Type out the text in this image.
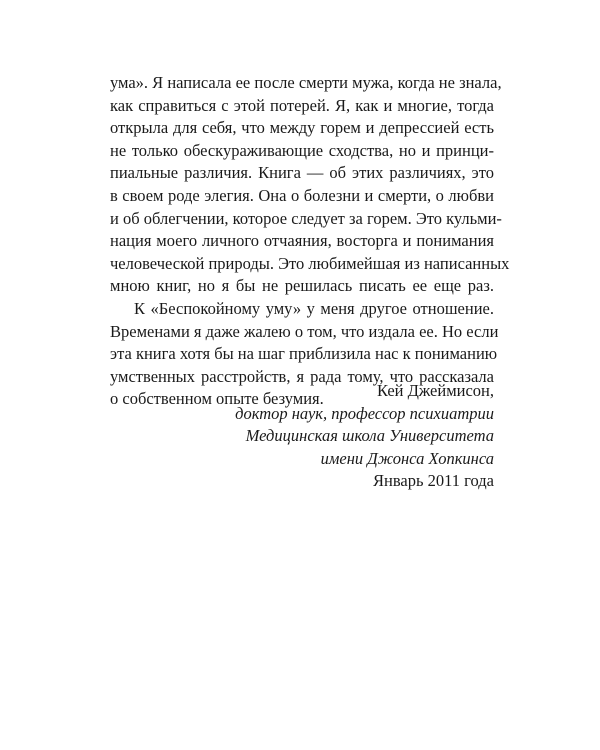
ума». Я написала ее после смерти мужа, когда не знала,
как справиться с этой потерей. Я, как и многие, тогда
открыла для себя, что между горем и депрессией есть
не только обескураживающие сходства, но и принци-
пиальные различия. Книга — об этих различиях, это
в своем роде элегия. Она о болезни и смерти, о любви
и об облегчении, которое следует за горем. Это кульми-
нация моего личного отчаяния, восторга и понимания
человеческой природы. Это любимейшая из написанных
мною книг, но я бы не решилась писать ее еще раз.
К «Беспокойному уму» у меня другое отношение.
Временами я даже жалею о том, что издала ее. Но если
эта книга хотя бы на шаг приблизила нас к пониманию
умственных расстройств, я рада тому, что рассказала
о собственном опыте безумия.	Кей Джеймисон,
доктор наук, профессор психиатрии
Медицинская школа Университета
имени Джонса Хопкинса
Январь 2011 года
